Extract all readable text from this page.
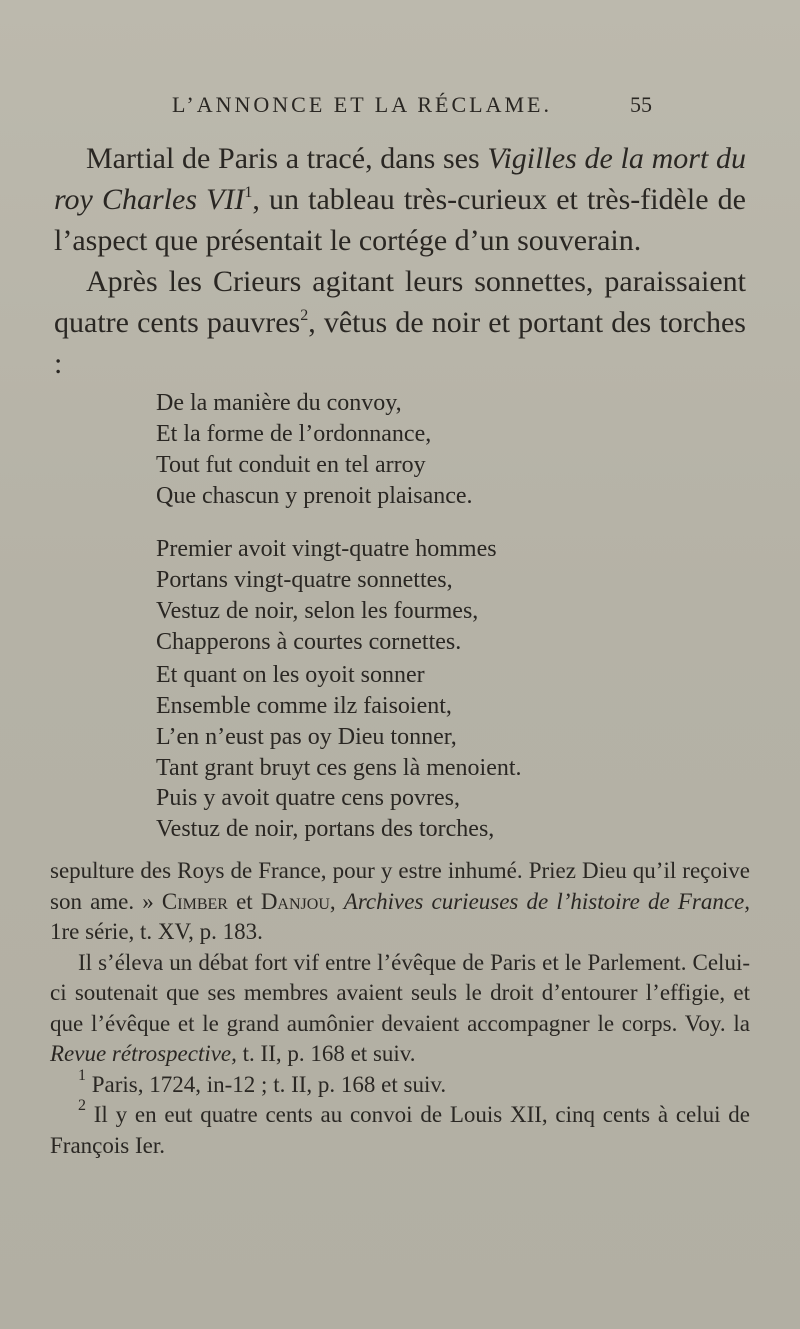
L’ANNONCE ET LA RÉCLAME.	55

Martial de Paris a tracé, dans ses Vigilles de la mort du roy Charles VII$^1$, un tableau très-curieux et très-fidèle de l’aspect que présentait le cortége d’un souverain.

Après les Crieurs agitant leurs sonnettes, paraissaient quatre cents pauvres$^2$, vêtus de noir et portant des torches :

De la manière du convoy,
Et la forme de l’ordonnance,
Tout fut conduit en tel arroy
Que chascun y prenoit plaisance.
Premier avoit vingt-quatre hommes
Portans vingt-quatre sonnettes,
Vestuz de noir, selon les fourmes,
Chapperons à courtes cornettes.
Et quant on les oyoit sonner
Ensemble comme ilz faisoient,
L’en n’eust pas oy Dieu tonner,
Tant grant bruyt ces gens là menoient.
Puis y avoit quatre cens povres,
Vestuz de noir, portans des torches,

sepulture des Roys de France, pour y estre inhumé. Priez Dieu qu’il reçoive son ame. » Cimber et Danjou, Archives curieuses de l’histoire de France, 1re série, t. XV, p. 183.

Il s’éleva un débat fort vif entre l’évêque de Paris et le Parlement. Celui-ci soutenait que ses membres avaient seuls le droit d’entourer l’effigie, et que l’évêque et le grand aumônier devaient accompagner le corps. Voy. la Revue rétrospective, t. II, p. 168 et suiv.

$^1$ Paris, 1724, in-12 ; t. II, p. 168 et suiv.

$^2$ Il y en eut quatre cents au convoi de Louis XII, cinq cents à celui de François Ier.
